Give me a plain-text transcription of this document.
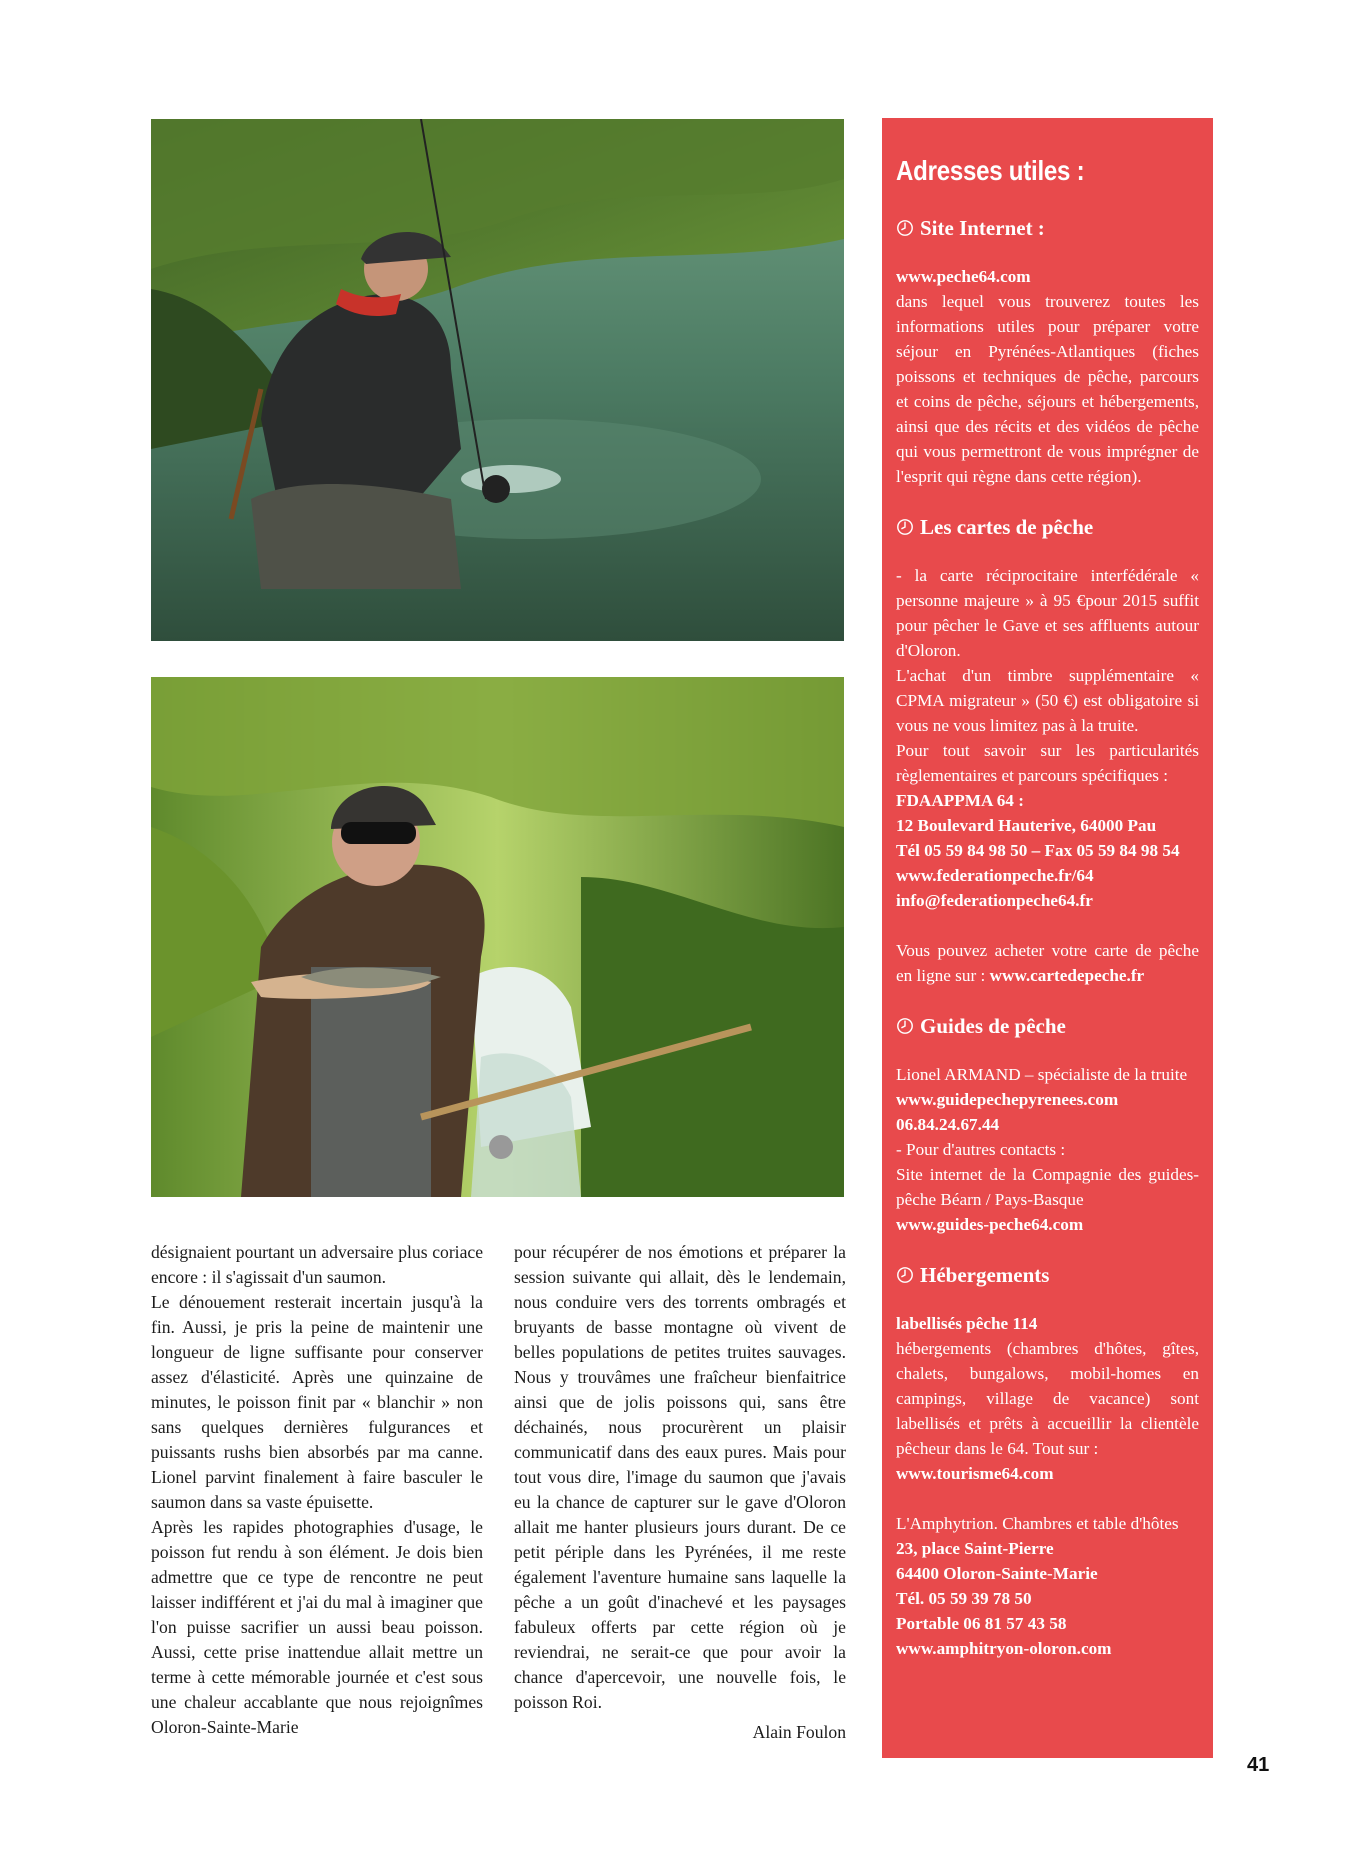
désignaient pourtant un adversaire plus coriace encore : il s'agissait d'un saumon.

Le dénouement resterait incertain jusqu'à la fin. Aussi, je pris la peine de maintenir une longueur de ligne suffisante pour conserver assez d'élasticité. Après une quinzaine de minutes, le poisson finit par « blanchir » non sans quelques dernières fulgurances et puissants rushs bien absorbés par ma canne. Lionel parvint finalement à faire basculer le saumon dans sa vaste épuisette.

Après les rapides photographies d'usage, le poisson fut rendu à son élément. Je dois bien admettre que ce type de rencontre ne peut laisser indifférent et j'ai du mal à imaginer que l'on puisse sacrifier un aussi beau poisson. Aussi, cette prise inattendue allait mettre un terme à cette mémorable journée et c'est sous une chaleur accablante que nous rejoignîmes Oloron-Sainte-Marie

pour récupérer de nos émotions et préparer la session suivante qui allait, dès le lendemain, nous conduire vers des torrents ombragés et bruyants de basse montagne où vivent de belles populations de petites truites sauvages. Nous y trouvâmes une fraîcheur bienfaitrice ainsi que de jolis poissons qui, sans être déchainés, nous procurèrent un plaisir communicatif dans des eaux pures. Mais pour tout vous dire, l'image du saumon que j'avais eu la chance de capturer sur le gave d'Oloron allait me hanter plusieurs jours durant. De ce petit périple dans les Pyrénées, il me reste également l'aventure humaine sans laquelle la pêche a un goût d'inachevé et les paysages fabuleux offerts par cette région où je reviendrai, ne serait-ce que pour avoir la chance d'apercevoir, une nouvelle fois, le poisson Roi.

Alain Foulon
Adresses utiles :
Site Internet :

www.peche64.com

dans lequel vous trouverez toutes les informations utiles pour préparer votre séjour en Pyrénées-Atlantiques (fiches poissons et techniques de pêche, parcours et coins de pêche, séjours et hébergements, ainsi que des récits et des vidéos de pêche qui vous permettront de vous imprégner de l'esprit qui règne dans cette région).

Les cartes de pêche

- la carte réciprocitaire interfédérale « personne majeure » à 95 €pour 2015 suffit pour pêcher le Gave et ses affluents autour d'Oloron.

L'achat d'un timbre supplémentaire « CPMA migrateur » (50 €) est obligatoire si vous ne vous limitez pas à la truite.

Pour tout savoir sur les particularités règlementaires et parcours spécifiques :

FDAAPPMA 64 :

12 Boulevard Hauterive, 64000 Pau

Tél 05 59 84 98 50 – Fax 05 59 84 98 54

www.federationpeche.fr/64

info@federationpeche64.fr

Vous pouvez acheter votre carte de pêche en ligne sur : www.cartedepeche.fr

Guides de pêche

Lionel ARMAND – spécialiste de la truite

www.guidepechepyrenees.com

06.84.24.67.44

- Pour d'autres contacts :

Site internet de la Compagnie des guides-pêche Béarn / Pays-Basque

www.guides-peche64.com

Hébergements

labellisés pêche 114

hébergements (chambres d'hôtes, gîtes, chalets, bungalows, mobil-homes en campings, village de vacance) sont labellisés et prêts à accueillir la clientèle pêcheur dans le 64. Tout sur :

www.tourisme64.com

L'Amphytrion. Chambres et table d'hôtes

23, place Saint-Pierre

64400 Oloron-Sainte-Marie

Tél. 05 59 39 78 50

Portable 06 81 57 43 58

www.amphitryon-oloron.com

41
